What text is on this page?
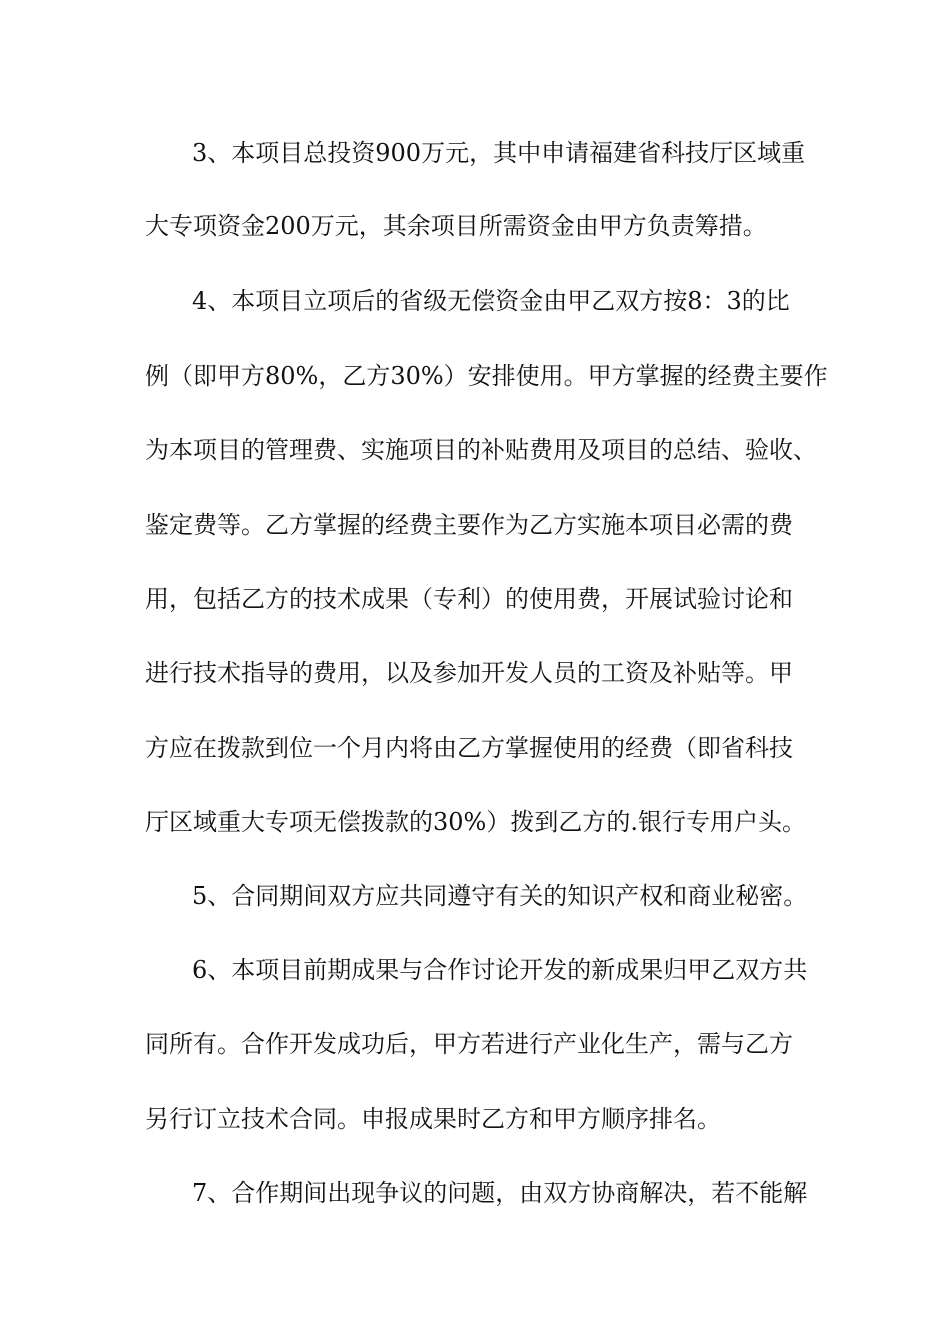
3、本项目总投资900万元，其中申请福建省科技厅区域重
大专项资金200万元，其余项目所需资金由甲方负责筹措。
4、本项目立项后的省级无偿资金由甲乙双方按8：3的比
例（即甲方80%，乙方30%）安排使用。甲方掌握的经费主要作
为本项目的管理费、实施项目的补贴费用及项目的总结、验收、
鉴定费等。乙方掌握的经费主要作为乙方实施本项目必需的费
用，包括乙方的技术成果（专利）的使用费，开展试验讨论和
进行技术指导的费用，以及参加开发人员的工资及补贴等。甲
方应在拨款到位一个月内将由乙方掌握使用的经费（即省科技
厅区域重大专项无偿拨款的30%）拨到乙方的.银行专用户头。
5、合同期间双方应共同遵守有关的知识产权和商业秘密。
6、本项目前期成果与合作讨论开发的新成果归甲乙双方共
同所有。合作开发成功后，甲方若进行产业化生产，需与乙方
另行订立技术合同。申报成果时乙方和甲方顺序排名。
7、合作期间出现争议的问题，由双方协商解决，若不能解
